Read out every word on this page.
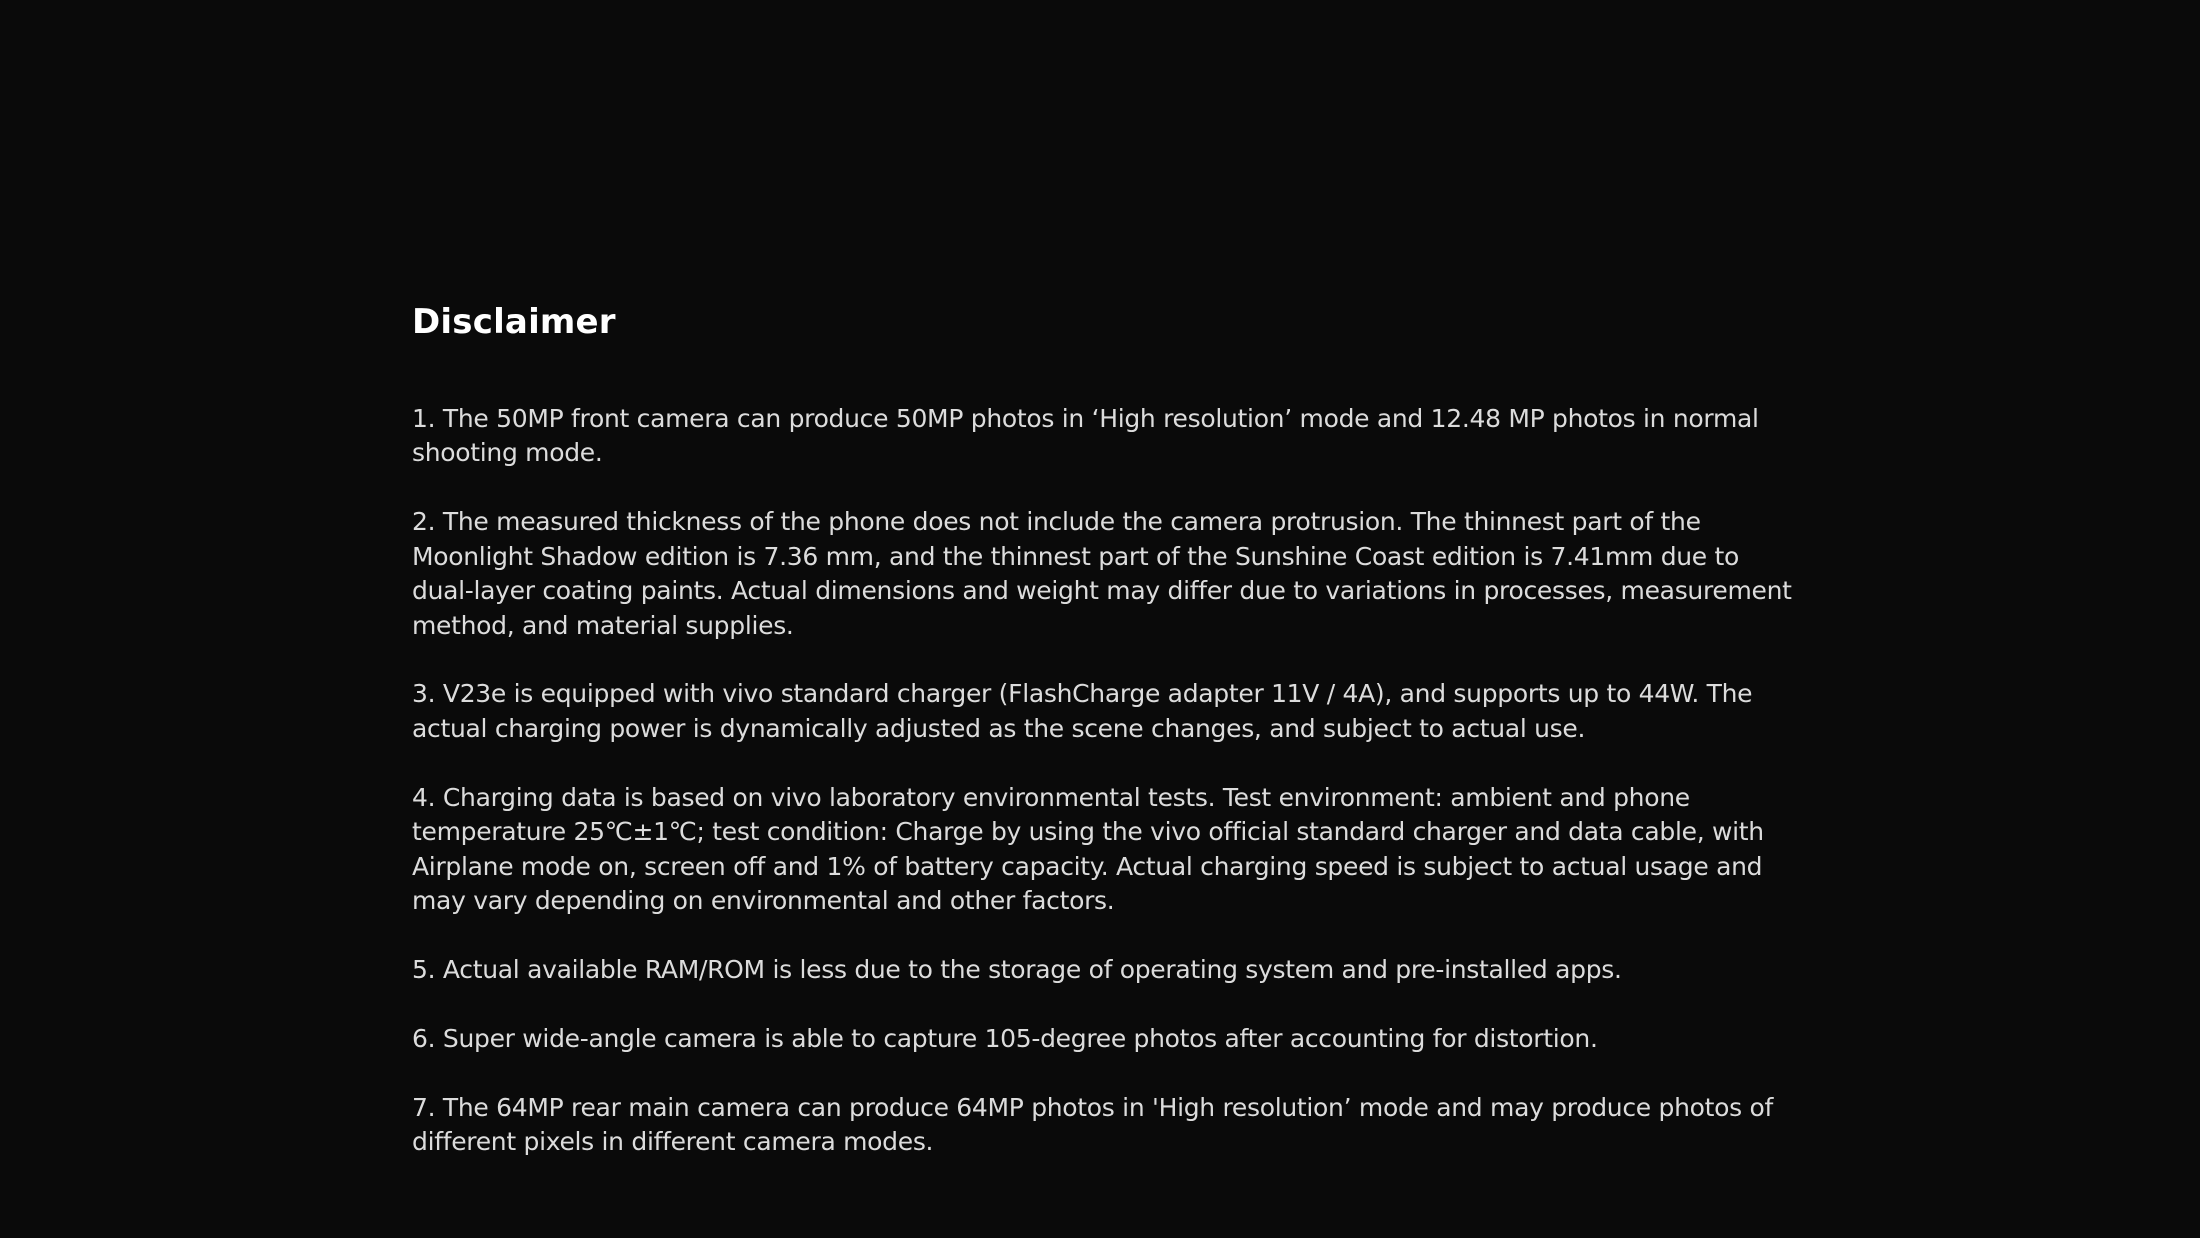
Disclaimer
1. The 50MP front camera can produce 50MP photos in ‘High resolution’ mode and 12.48 MP photos in normal shooting mode.
2. The measured thickness of the phone does not include the camera protrusion. The thinnest part of the Moonlight Shadow edition is 7.36 mm, and the thinnest part of the Sunshine Coast edition is 7.41mm due to dual-layer coating paints. Actual dimensions and weight may differ due to variations in processes, measurement method, and material supplies.
3. V23e is equipped with vivo standard charger (FlashCharge adapter 11V / 4A), and supports up to 44W. The actual charging power is dynamically adjusted as the scene changes, and subject to actual use.
4. Charging data is based on vivo laboratory environmental tests. Test environment: ambient and phone temperature 25℃±1℃; test condition: Charge by using the vivo official standard charger and data cable, with Airplane mode on, screen off and 1% of battery capacity. Actual charging speed is subject to actual usage and may vary depending on environmental and other factors.
5. Actual available RAM/ROM is less due to the storage of operating system and pre-installed apps.
6. Super wide-angle camera is able to capture 105-degree photos after accounting for distortion.
7. The 64MP rear main camera can produce 64MP photos in 'High resolution’ mode and may produce photos of different pixels in different camera modes.
